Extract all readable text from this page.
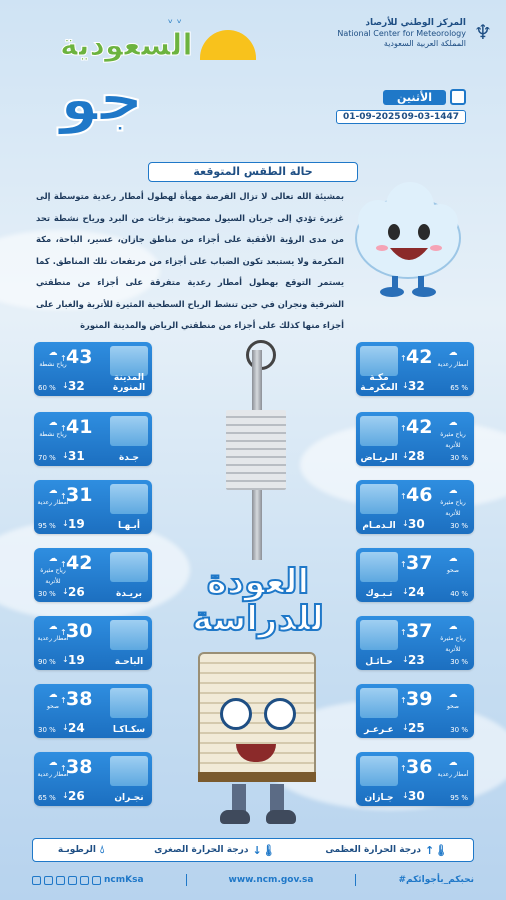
ᵛ ᵛ
السعودية
جو
المركز الوطني للأرصاد
National Center for Meteorology
المملكة العربية السعودية ♆
الأثنين
01-09-2025 09-03-1447
حالة الطقس المتوقعة
بمشيئة الله تعالى لا تزال الفرصة مهيأة لهطول أمطار رعدية متوسطة إلى غزيرة تؤدي إلى جريان السيول مصحوبة بزخات من البرد ورياح نشطة تحد من مدى الرؤية الأفقية على أجزاء من مناطق جازان، عسير، الباحة، مكة المكرمة ولا يستبعد تكون الضباب على أجزاء من مرتفعات تلك المناطق. كما يستمر التوقع بهطول أمطار رعدية متفرقة على أجزاء من منطقتي الشرقية ونجران في حين تنشط الرياح السطحية المثيرة للأتربة والغبار على أجزاء منها كذلك على أجزاء من منطقتي الرياض والمدينة المنورة
المدينة المنورة
↑ 43
↓ 32
☁︎
رياح نشطة
60 %
جـدة
↑ 41
↓ 31
☁︎
رياح نشطة
70 %
أبـهـا
↑ 31
↓ 19
☁︎
أمطار رعدية
95 %
بريـدة
↑ 42
↓ 26
☁︎
رياح مثيرة للأتربة
30 %
الباحـة
↑ 30
↓ 19
☁︎
أمطار رعدية
90 %
سكـاكـا
↑ 38
↓ 24
☁︎
صحو
30 %
نجـران
↑ 38
↓ 26
☁︎
أمطار رعدية
65 %
مكـة المكرمـة
↑ 42
↓ 32
☁︎
أمطار رعدية
65 %
الـريـاض
↑ 42
↓ 28
☁︎
رياح مثيرة للأتربة
30 %
الـدمـام
↑ 46
↓ 30
☁︎
رياح مثيرة للأتربة
30 %
تـبـوك
↑ 37
↓ 24
☁︎
صحو
40 %
حـائـل
↑ 37
↓ 23
☁︎
رياح مثيرة للأتربة
30 %
عـرعـر
↑ 39
↓ 25
☁︎
صحو
30 %
جـازان
↑ 36
↓ 30
☁︎
أمطار رعدية
95 %
العودة
للدراسة
🌡︎↑
درجة الحرارة العظمى
🌡︎↓
درجة الحرارة الصغرى
💧︎
الرطوبـة
ncmKsa	www.ncm.gov.sa	#نحبكم_بأجوائكم
